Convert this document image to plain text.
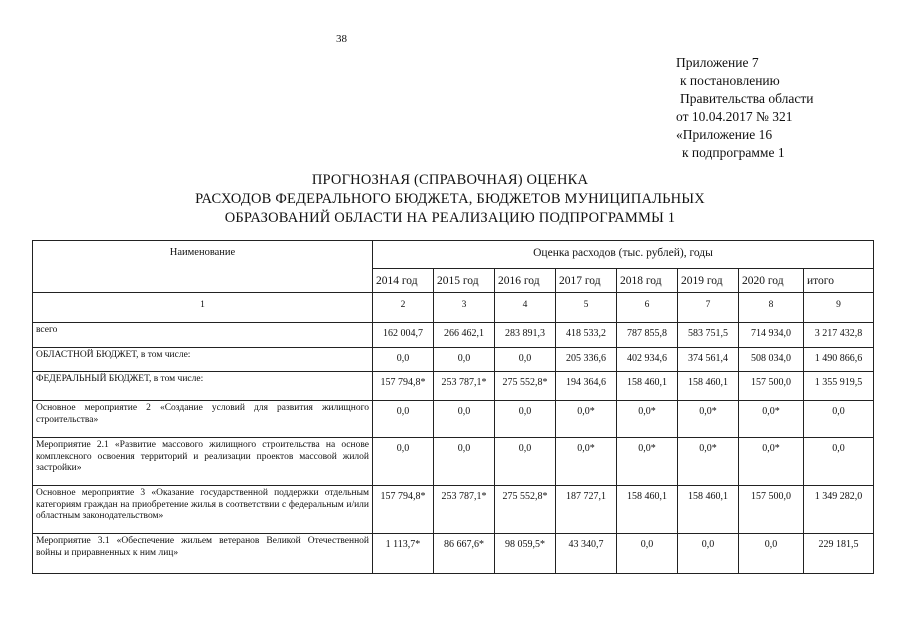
38
Приложение 7
к постановлению
Правительства области
от 10.04.2017 № 321
«Приложение 16
к подпрограмме 1
ПРОГНОЗНАЯ (СПРАВОЧНАЯ) ОЦЕНКА
РАСХОДОВ ФЕДЕРАЛЬНОГО БЮДЖЕТА, БЮДЖЕТОВ МУНИЦИПАЛЬНЫХ
ОБРАЗОВАНИЙ ОБЛАСТИ НА РЕАЛИЗАЦИЮ ПОДПРОГРАММЫ 1
Наименование	Оценка расходов (тыс. рублей), годы							
	2014 год	2015 год	2016 год	2017 год	2018 год	2019 год	2020 год	итого
1	2	3	4	5	6	7	8	9
всего	162 004,7	266 462,1	283 891,3	418 533,2	787 855,8	583 751,5	714 934,0	3 217 432,8
ОБЛАСТНОЙ БЮДЖЕТ, в том числе:	0,0	0,0	0,0	205 336,6	402 934,6	374 561,4	508 034,0	1 490 866,6
ФЕДЕРАЛЬНЫЙ БЮДЖЕТ, в том числе:	157 794,8*	253 787,1*	275 552,8*	194 364,6	158 460,1	158 460,1	157 500,0	1 355 919,5
Основное мероприятие 2 «Создание условий для развития жилищного строительства»	0,0	0,0	0,0	0,0*	0,0*	0,0*	0,0*	0,0
Мероприятие 2.1 «Развитие массового жилищного строительства на основе комплексного освоения территорий и реализации проектов массовой жилой застройки»	0,0	0,0	0,0	0,0*	0,0*	0,0*	0,0*	0,0
Основное мероприятие 3 «Оказание государственной поддержки отдельным категориям граждан на приобретение жилья в соответствии с федеральным и/или областным законодательством»	157 794,8*	253 787,1*	275 552,8*	187 727,1	158 460,1	158 460,1	157 500,0	1 349 282,0
Мероприятие 3.1 «Обеспечение жильем ветеранов Великой Отечественной войны и приравненных к ним лиц»	1 113,7*	86 667,6*	98 059,5*	43 340,7	0,0	0,0	0,0	229 181,5
